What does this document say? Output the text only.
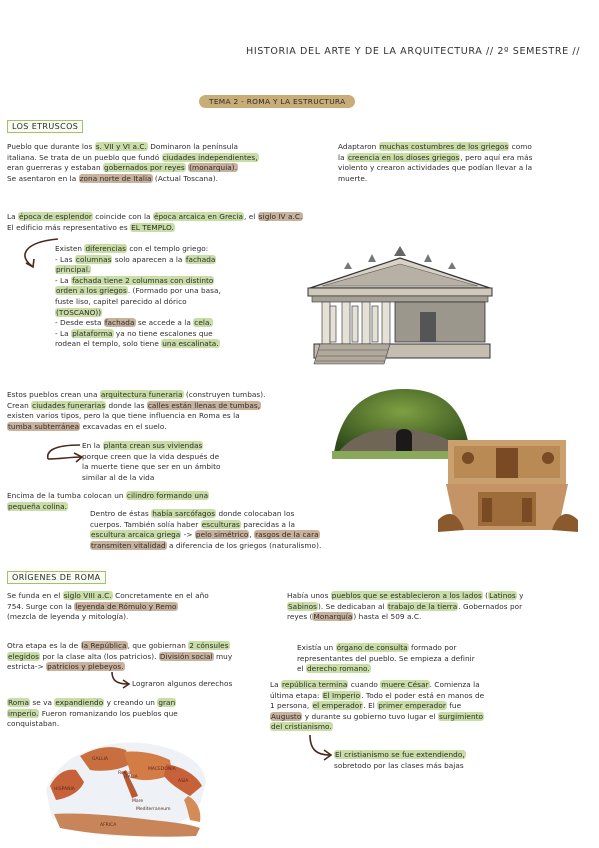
HISTORIA DEL ARTE Y DE LA ARQUITECTURA // 2º SEMESTRE //
TEMA 2 - ROMA Y LA ESTRUCTURA
LOS ETRUSCOS
Pueblo que durante los s. VII y VI a.C. Dominaron la península
italiana. Se trata de un pueblo que fundó ciudades independientes,
eran guerreras y estaban gobernados por reyes (monarquía).
Se asentaron en la zona norte de Italia (Actual Toscana).
Adaptaron muchas costumbres de los griegos como
la creencia en los dioses griegos, pero aquí era más
violento y crearon actividades que podían llevar a la
muerte.
La época de esplendor coincide con la época arcaica en Grecia, el siglo IV a.C.
El edificio más representativo es EL TEMPLO.
Existen diferencias con el templo griego:
- Las columnas solo aparecen a la fachada
principal.
- La fachada tiene 2 columnas con distinto
orden a los griegos. (Formado por una basa,
fuste liso, capitel parecido al dórico
(TOSCANO))
- Desde esta fachada se accede a la cela.
- La plataforma ya no tiene escalones que
rodean el templo, solo tiene una escalinata.
Estos pueblos crean una arquitectura funeraria (construyen tumbas).
Crean ciudades funerarias donde las calles están llenas de tumbas,
existen varios tipos, pero la que tiene influencia en Roma es la
tumba subterránea excavadas en el suelo.
En la planta crean sus viviendas
porque creen que la vida después de
la muerte tiene que ser en un ámbito
similar al de la vida
Encima de la tumba colocan un cilindro formando una
pequeña colina.
Dentro de éstas había sarcófagos donde colocaban los
cuerpos. También solía haber esculturas parecidas a la
escultura arcaica griega -> pelo simétrico, rasgos de la cara
transmiten vitalidad a diferencia de los griegos (naturalismo).
ORÍGENES DE ROMA
Se funda en el siglo VIII a.C. Concretamente en el año
754. Surge con la leyenda de Rómulo y Remo
(mezcla de leyenda y mitología).
Había unos pueblos que se establecieron a los lados (Latinos y
Sabinos). Se dedicaban al trabajo de la tierra. Gobernados por
reyes (Monarquía) hasta el 509 a.C.
Otra etapa es la de la República, que gobiernan 2 cónsules
elegidos por la clase alta (los patricios). División social muy
estricta-> patricios y plebeyos.
Lograron algunos derechos
Existía un órgano de consulta formado por
representantes del pueblo. Se empieza a definir
el derecho romano.
La república termina cuando muere César. Comienza la
última etapa: El Imperio. Todo el poder está en manos de
1 persona, el emperador. El primer emperador fue
Augusto y durante su gobierno tuvo lugar el surgimiento
del cristianismo.
Roma se va expandiendo y creando un gran
imperio. Fueron romanizando los pueblos que
conquistaban.
GALLIA
HISPANIA
ITALIA
MACEDONIA
ASIA
Mare
Mediterraneum
AFRICA
Roma
El cristianismo se fue extendiendo,
sobretodo por las clases más bajas
